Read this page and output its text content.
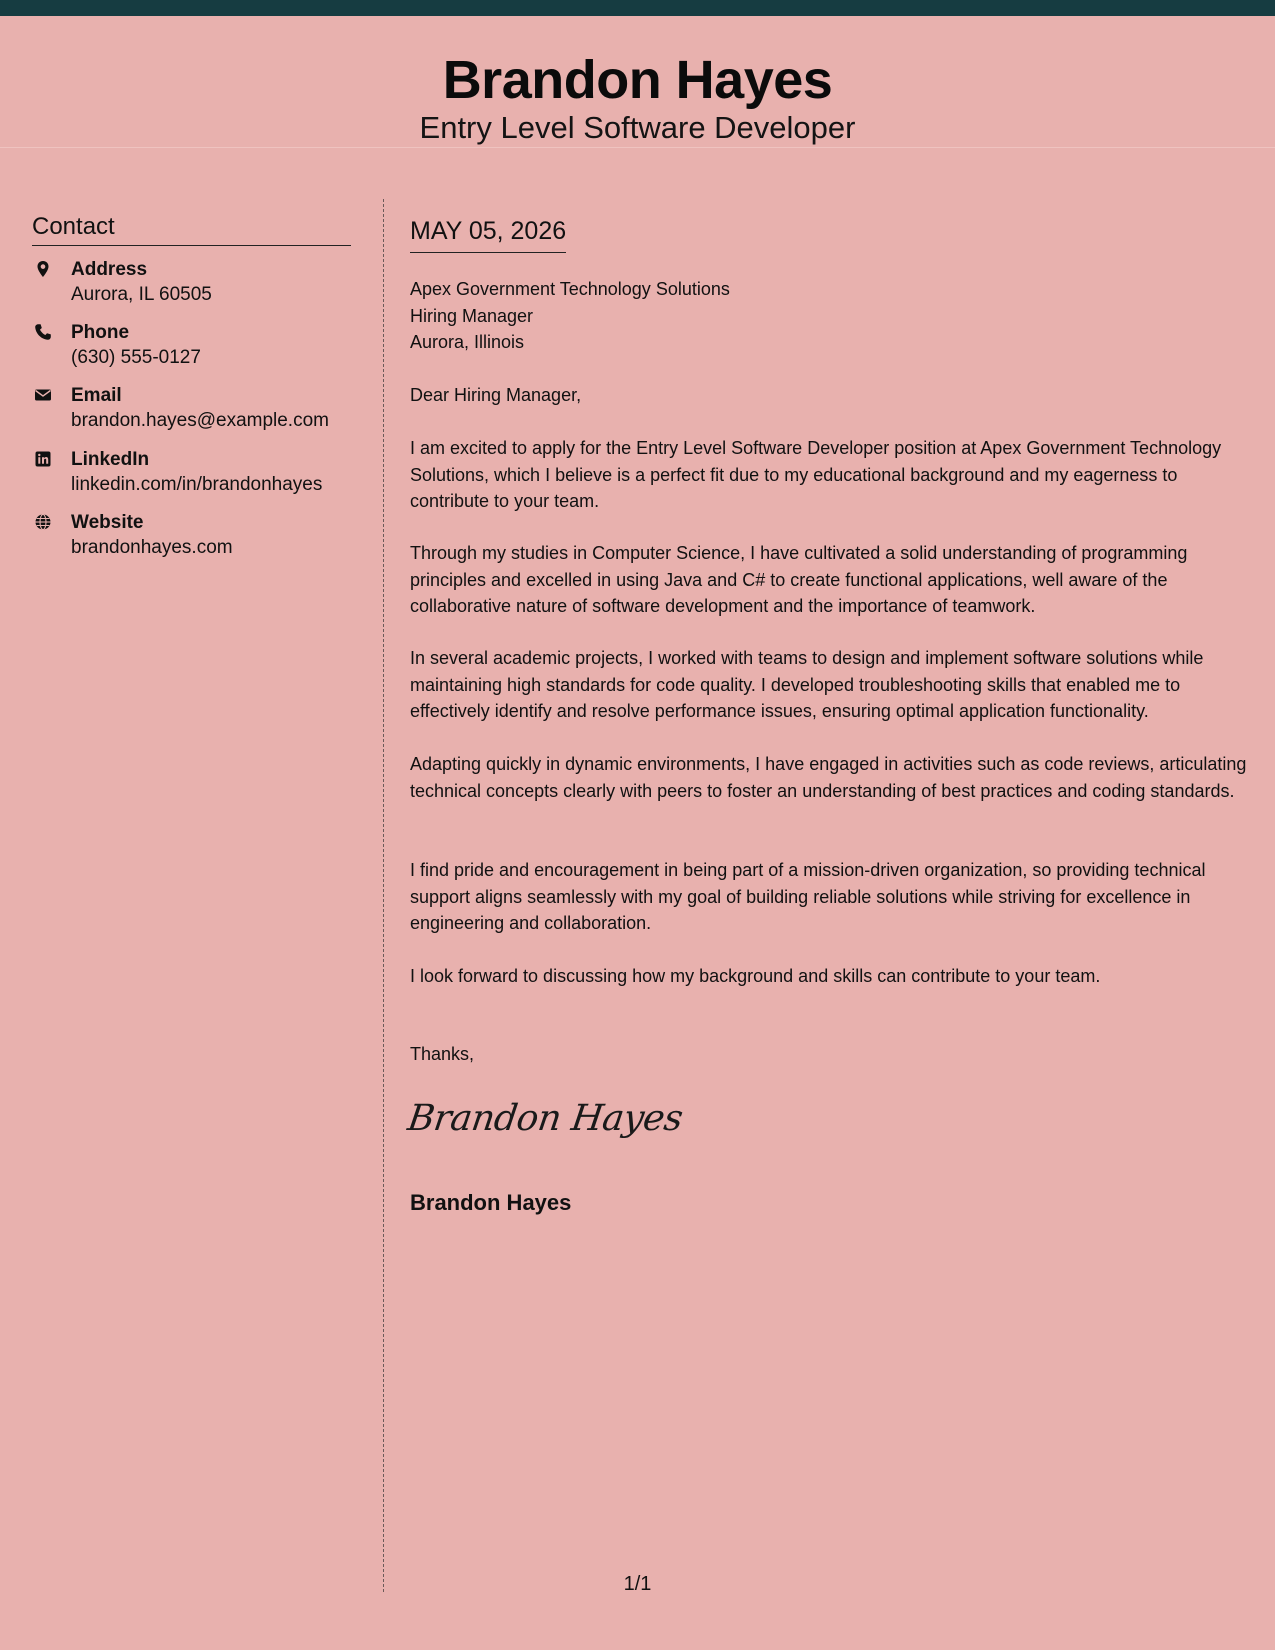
Brandon Hayes
Entry Level Software Developer
Contact
Address
Aurora, IL 60505
Phone
(630) 555-0127
Email
brandon.hayes@example.com
LinkedIn
linkedin.com/in/brandonhayes
Website
brandonhayes.com
MAY 05, 2026
Apex Government Technology Solutions
Hiring Manager
Aurora, Illinois

Dear Hiring Manager,

I am excited to apply for the Entry Level Software Developer position at Apex Government Technology Solutions, which I believe is a perfect fit due to my educational background and my eagerness to contribute to your team.

Through my studies in Computer Science, I have cultivated a solid understanding of programming principles and excelled in using Java and C# to create functional applications, well aware of the collaborative nature of software development and the importance of teamwork.

In several academic projects, I worked with teams to design and implement software solutions while maintaining high standards for code quality. I developed troubleshooting skills that enabled me to effectively identify and resolve performance issues, ensuring optimal application functionality.

Adapting quickly in dynamic environments, I have engaged in activities such as code reviews, articulating technical concepts clearly with peers to foster an understanding of best practices and coding standards.

I find pride and encouragement in being part of a mission-driven organization, so providing technical support aligns seamlessly with my goal of building reliable solutions while striving for excellence in engineering and collaboration.

I look forward to discussing how my background and skills can contribute to your team.

Thanks,

Brandon Hayes
Brandon Hayes
1/1
